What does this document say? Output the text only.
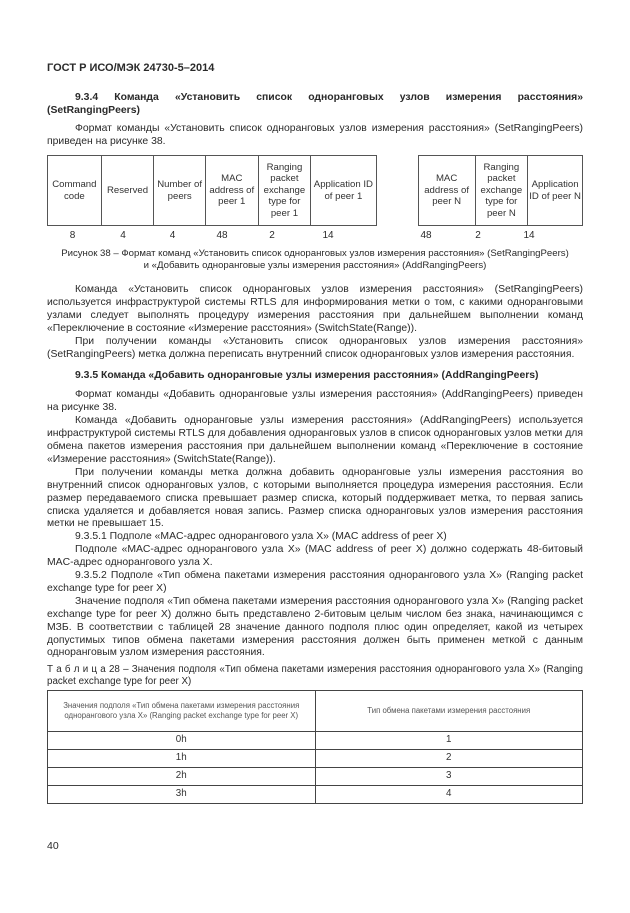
ГОСТ Р ИСО/МЭК 24730-5–2014

9.3.4 Команда «Установить список одноранговых узлов измерения расстояния» (SetRangingPeers)

Формат команды «Установить список одноранговых узлов измерения расстояния» (SetRangingPeers) приведен на рисунке 38.

Command code	Reserved	Number of peers	MAC address of peer 1	Ranging packet exchange type for peer 1	Application ID of peer 1		MAC address of peer N	Ranging packet exchange type for peer N	Application ID of peer N
8	4	4	48	2	14	48	2	14
Рисунок 38 – Формат команд «Установить список одноранговых узлов измерения расстояния» (SetRangingPeers)
и «Добавить одноранговые узлы измерения расстояния» (AddRangingPeers)

Команда «Установить список одноранговых узлов измерения расстояния» (SetRangingPeers) используется инфраструктурой системы RTLS для информирования метки о том, с какими одноранговыми узлами следует выполнять процедуру измерения расстояния при дальнейшем выполнении команд «Переключение в состояние «Измерение расстояния» (SwitchState(Range)).

При получении команды «Установить список одноранговых узлов измерения расстояния» (SetRangingPeers) метка должна переписать внутренний список одноранговых узлов измерения расстояния.

9.3.5 Команда «Добавить одноранговые узлы измерения расстояния» (AddRangingPeers)

Формат команды «Добавить одноранговые узлы измерения расстояния» (AddRangingPeers) приведен на рисунке 38.

Команда «Добавить одноранговые узлы измерения расстояния» (AddRangingPeers) используется инфраструктурой системы RTLS для добавления одноранговых узлов в список одноранговых узлов метки для обмена пакетов измерения расстояния при дальнейшем выполнении команд «Переключение в состояние «Измерение расстояния» (SwitchState(Range)).

При получении команды метка должна добавить одноранговые узлы измерения расстояния во внутренний список одноранговых узлов, с которыми выполняется процедура измерения расстояния. Если размер передаваемого списка превышает размер списка, который поддерживает метка, то первая запись списка удаляется и добавляется новая запись. Размер списка одноранговых узлов измерения расстояния метки не превышает 15.

9.3.5.1 Подполе «MAC-адрес однорангового узла X» (MAC address of peer X)

Подполе «MAC-адрес однорангового узла X» (MAC address of peer X) должно содержать 48-битовый MAC-адрес однорангового узла X.

9.3.5.2 Подполе «Тип обмена пакетами измерения расстояния однорангового узла X» (Ranging packet exchange type for peer X)

Значение подполя «Тип обмена пакетами измерения расстояния однорангового узла X» (Ranging packet exchange type for peer X) должно быть представлено 2-битовым целым числом без знака, начинающимся с МЗБ. В соответствии с таблицей 28 значение данного подполя плюс один определяет, какой из четырех допустимых типов обмена пакетами измерения расстояния должен быть применен меткой с данным одноранговым узлом измерения расстояния.

Т а б л и ц а 28 – Значения подполя «Тип обмена пакетами измерения расстояния однорангового узла X» (Ranging packet exchange type for peer X)

Значения подполя «Тип обмена пакетами измерения расстояния однорангового узла X» (Ranging packet exchange type for peer X)	Тип обмена пакетами измерения расстояния
0h	1
1h	2
2h	3
3h	4
40
